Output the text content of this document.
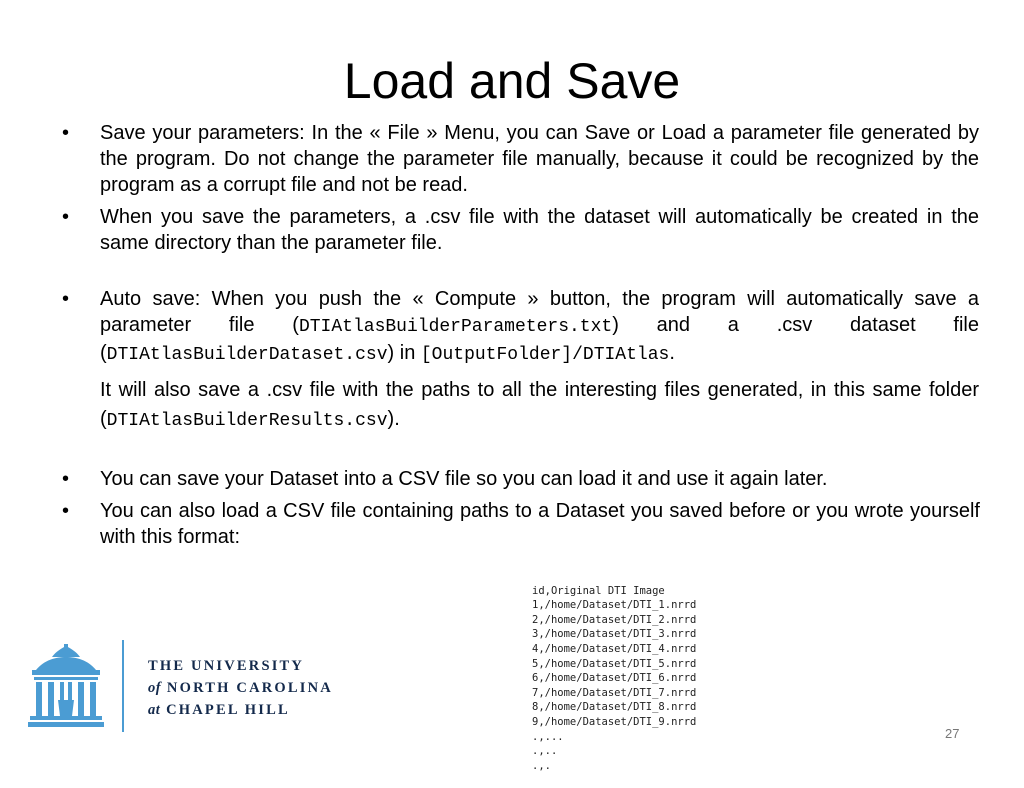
Load and Save
•	Save your parameters: In the « File » Menu, you can Save or Load a parameter file generated by the program. Do not change the parameter file manually, because it could be recognized by the program as a corrupt file and not be read.
•	When you save the parameters, a .csv file with the dataset will automatically be created in the same directory than the parameter file.
•	Auto save: When you push the « Compute » button, the program will automatically save a parameter file (DTIAtlasBuilderParameters.txt) and a .csv dataset file (DTIAtlasBuilderDataset.csv) in [OutputFolder]/DTIAtlas.
It will also save a .csv file with the paths to all the interesting files generated, in this same folder (DTIAtlasBuilderResults.csv).
•	You can save your Dataset into a CSV file so you can load it and use it again later.
•	You can also load a CSV file containing paths to a Dataset you saved before or you wrote yourself with this format:

id,Original DTI Image
1,/home/Dataset/DTI_1.nrrd
2,/home/Dataset/DTI_2.nrrd
3,/home/Dataset/DTI_3.nrrd
4,/home/Dataset/DTI_4.nrrd
5,/home/Dataset/DTI_5.nrrd
6,/home/Dataset/DTI_6.nrrd
7,/home/Dataset/DTI_7.nrrd
8,/home/Dataset/DTI_8.nrrd
9,/home/Dataset/DTI_9.nrrd
.,...
.,..
.,.

THE UNIVERSITY
of NORTH CAROLINA
at CHAPEL HILL
27
